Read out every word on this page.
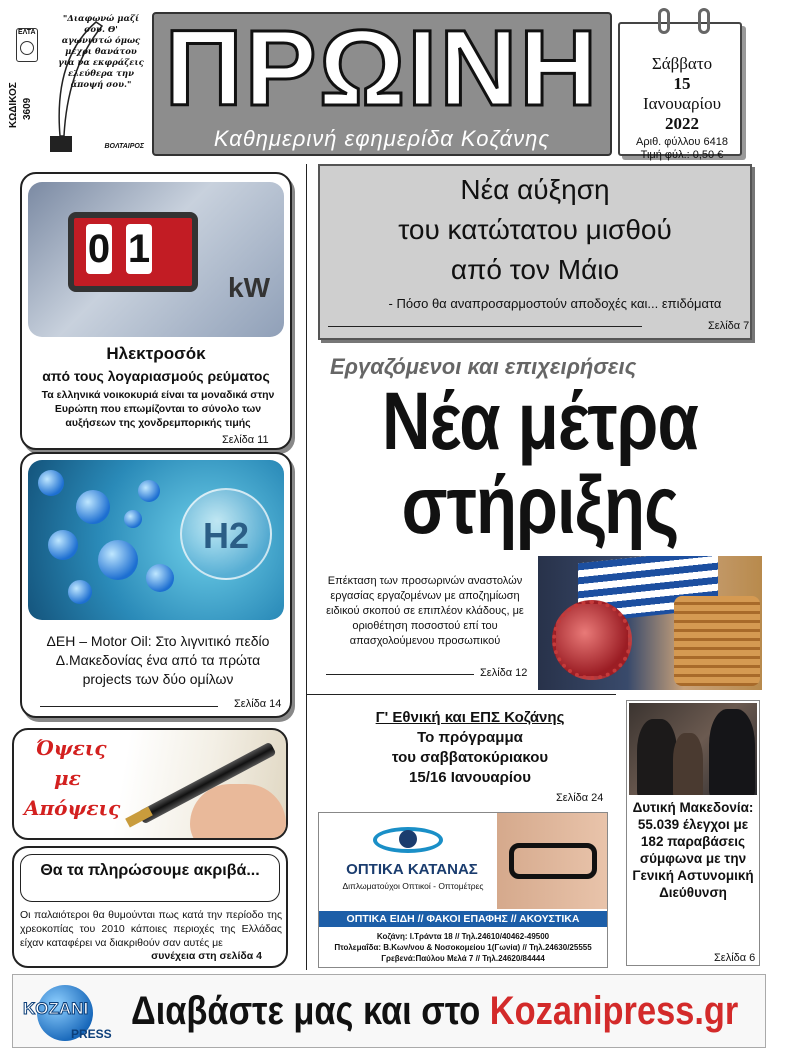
ΕΛΤΑ
ΚΩΔΙΚΟΣ 3609
"Διαφωνώ μαζί σου. Θ' αγωνιστώ όμως μέχρι θανάτου για να εκφράζεις ελεύθερα την άποψή σου."
ΒΟΛΤΑΙΡΟΣ
ΠΡΩΙΝΗ
Καθημερινή εφημερίδα Κοζάνης
Σάββατο
15
Ιανουαρίου
2022
Αριθ. φύλλου 6418
Τιμή φύλ.: 0,50 €
0 1
kW
Ηλεκτροσόκ
από τους λογαριασμούς ρεύματος
Τα ελληνικά νοικοκυριά είναι τα μοναδικά στην Ευρώπη που επωμίζονται το σύνολο των αυξήσεων της χονδρεμπορικής τιμής
Σελίδα 11
H2
ΔΕΗ – Motor Oil: Στο λιγνιτικό πεδίο Δ.Μακεδονίας ένα από τα πρώτα projects των δύο ομίλων
Σελίδα 14
Όψεις
με
Απόψεις
Θα τα πληρώσουμε ακριβά...
Οι παλαιότεροι θα θυμούνται πως κατά την περίοδο της χρεοκοπίας του 2010 κάποιες περιοχές της Ελλάδας είχαν καταφέρει να διακριθούν σαν αυτές με
συνέχεια στη σελίδα 4
Νέα αύξηση
του κατώτατου μισθού
από τον Μάιο
- Πόσο θα αναπροσαρμοστούν αποδοχές και... επιδόματα
Σελίδα 7
Εργαζόμενοι και επιχειρήσεις
Νέα μέτρα
στήριξης
Επέκταση των προσωρινών αναστολών εργασίας εργαζομένων με αποζημίωση ειδικού σκοπού σε επιπλέον κλάδους, με οριοθέτηση ποσοστού επί του απασχολούμενου προσωπικού
Σελίδα 12
Γ' Εθνική και ΕΠΣ Κοζάνης
Το πρόγραμμα
του σαββατοκύριακου
15/16 Ιανουαρίου
Σελίδα 24
ΟΠΤΙΚΑ ΚΑΤΑΝΑΣ
Διπλωματούχοι Οπτικοί - Οπτομέτρες
ΟΠΤΙΚΑ ΕΙΔΗ // ΦΑΚΟΙ ΕΠΑΦΗΣ // ΑΚΟΥΣΤΙΚΑ
Κοζάνη: Ι.Τράντα 18 // Τηλ.24610/40462-49500
Πτολεμαΐδα: Β.Κων/νου & Νοσοκομείου 1(Γωνία) // Τηλ.24630/25555
Γρεβενά:Παύλου Μελά 7 // Τηλ.24620/84444
Δυτική Μακεδονία: 55.039 έλεγχοι με 182 παραβάσεις σύμφωνα με την Γενική Αστυνομική Διεύθυνση
Σελίδα 6
KOZANI
PRESS
Διαβάστε μας και στο Kozanipress.gr
